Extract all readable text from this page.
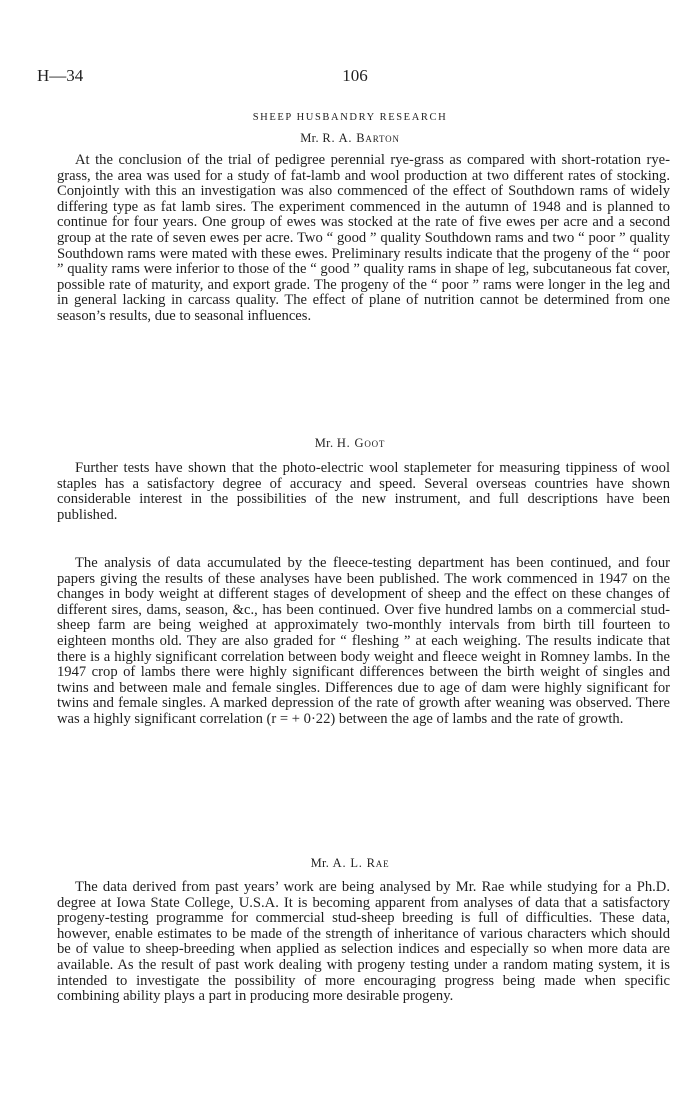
H—34	106
SHEEP HUSBANDRY RESEARCH
Mr. R. A. Barton

At the conclusion of the trial of pedigree perennial rye-grass as compared with short-rotation rye-grass, the area was used for a study of fat-lamb and wool production at two different rates of stocking. Conjointly with this an investigation was also commenced of the effect of Southdown rams of widely differing type as fat lamb sires. The experiment commenced in the autumn of 1948 and is planned to continue for four years. One group of ewes was stocked at the rate of five ewes per acre and a second group at the rate of seven ewes per acre. Two “ good ” quality Southdown rams and two “ poor ” quality Southdown rams were mated with these ewes. Preliminary results indicate that the progeny of the “ poor ” quality rams were inferior to those of the “ good ” quality rams in shape of leg, subcutaneous fat cover, possible rate of maturity, and export grade. The progeny of the “ poor ” rams were longer in the leg and in general lacking in carcass quality. The effect of plane of nutrition cannot be determined from one season’s results, due to seasonal influences.

Mr. H. Goot

Further tests have shown that the photo-electric wool staplemeter for measuring tippiness of wool staples has a satisfactory degree of accuracy and speed. Several overseas countries have shown considerable interest in the possibilities of the new instrument, and full descriptions have been published.

The analysis of data accumulated by the fleece-testing department has been continued, and four papers giving the results of these analyses have been published. The work commenced in 1947 on the changes in body weight at different stages of development of sheep and the effect on these changes of different sires, dams, season, &c., has been continued. Over five hundred lambs on a commercial stud-sheep farm are being weighed at approximately two-monthly intervals from birth till fourteen to eighteen months old. They are also graded for “ fleshing ” at each weighing. The results indicate that there is a highly significant correlation between body weight and fleece weight in Romney lambs. In the 1947 crop of lambs there were highly significant differences between the birth weight of singles and twins and between male and female singles. Differences due to age of dam were highly significant for twins and female singles. A marked depression of the rate of growth after weaning was observed. There was a highly significant correlation (r = + 0·22) between the age of lambs and the rate of growth.

Mr. A. L. Rae

The data derived from past years’ work are being analysed by Mr. Rae while studying for a Ph.D. degree at Iowa State College, U.S.A. It is becoming apparent from analyses of data that a satisfactory progeny-testing programme for commercial stud-sheep breeding is full of difficulties. These data, however, enable estimates to be made of the strength of inheritance of various characters which should be of value to sheep-breeding when applied as selection indices and especially so when more data are available. As the result of past work dealing with progeny testing under a random mating system, it is intended to investigate the possibility of more encouraging progress being made when specific combining ability plays a part in producing more desirable progeny.
